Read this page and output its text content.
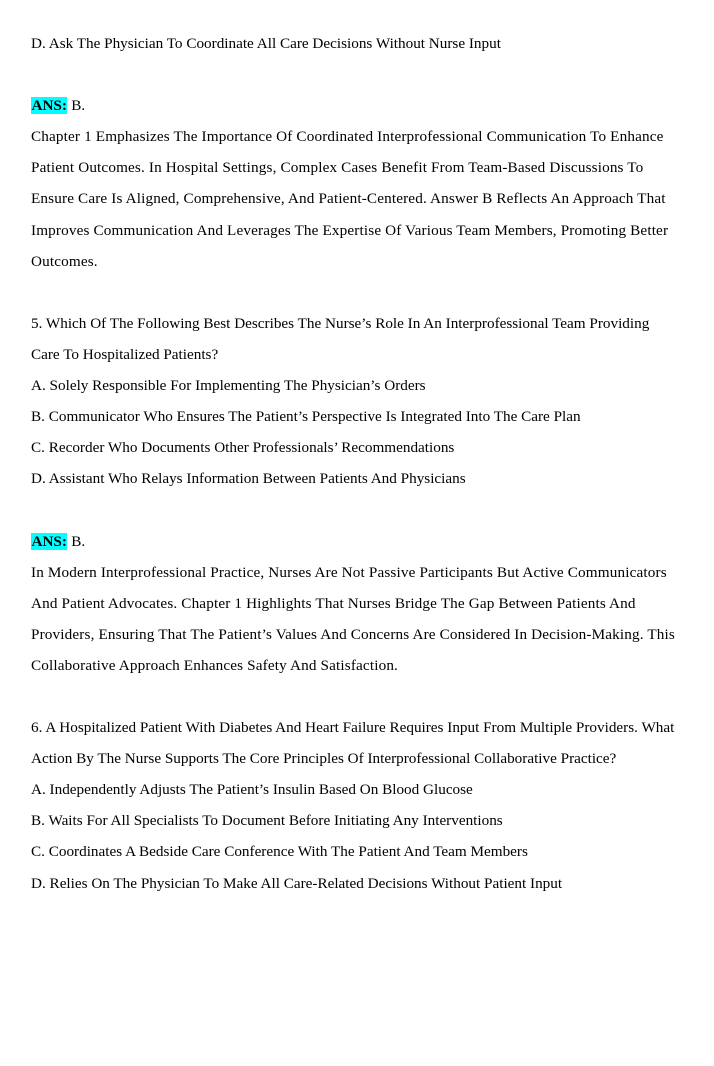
D. Ask The Physician To Coordinate All Care Decisions Without Nurse Input
ANS: B.
Chapter 1 Emphasizes The Importance Of Coordinated Interprofessional Communication To Enhance Patient Outcomes. In Hospital Settings, Complex Cases Benefit From Team-Based Discussions To Ensure Care Is Aligned, Comprehensive, And Patient-Centered. Answer B Reflects An Approach That Improves Communication And Leverages The Expertise Of Various Team Members, Promoting Better Outcomes.
5. Which Of The Following Best Describes The Nurse’s Role In An Interprofessional Team Providing Care To Hospitalized Patients?
A. Solely Responsible For Implementing The Physician’s Orders
B. Communicator Who Ensures The Patient’s Perspective Is Integrated Into The Care Plan
C. Recorder Who Documents Other Professionals’ Recommendations
D. Assistant Who Relays Information Between Patients And Physicians
ANS: B.
In Modern Interprofessional Practice, Nurses Are Not Passive Participants But Active Communicators And Patient Advocates. Chapter 1 Highlights That Nurses Bridge The Gap Between Patients And Providers, Ensuring That The Patient’s Values And Concerns Are Considered In Decision-Making. This Collaborative Approach Enhances Safety And Satisfaction.
6. A Hospitalized Patient With Diabetes And Heart Failure Requires Input From Multiple Providers. What Action By The Nurse Supports The Core Principles Of Interprofessional Collaborative Practice?
A. Independently Adjusts The Patient’s Insulin Based On Blood Glucose
B. Waits For All Specialists To Document Before Initiating Any Interventions
C. Coordinates A Bedside Care Conference With The Patient And Team Members
D. Relies On The Physician To Make All Care-Related Decisions Without Patient Input
